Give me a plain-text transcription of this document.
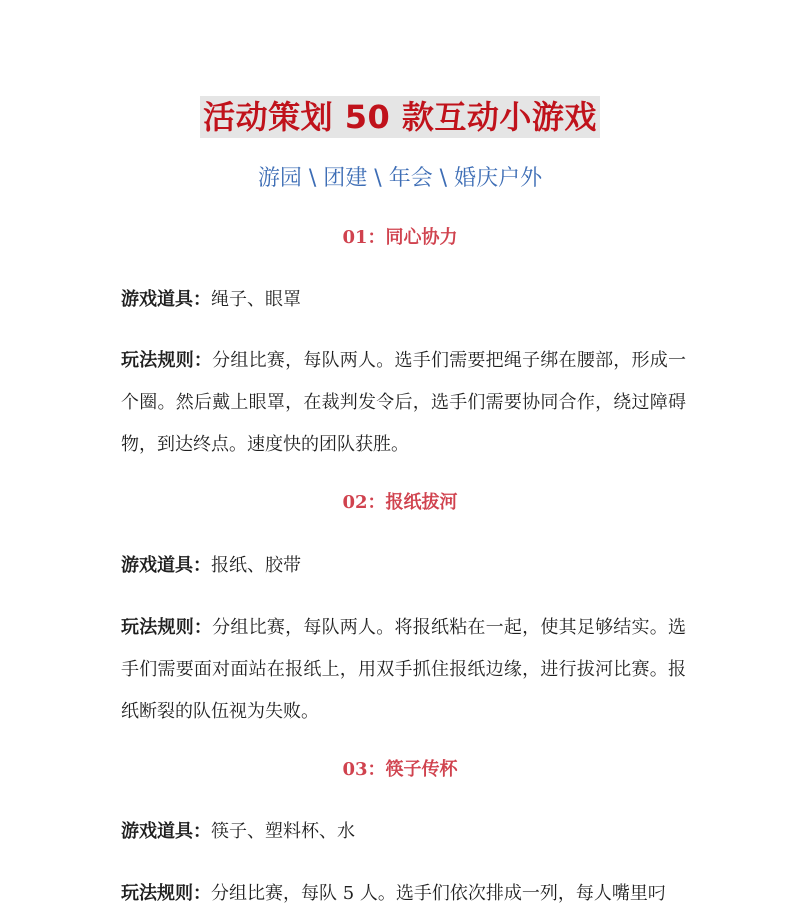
活动策划 50 款互动小游戏
游园 \ 团建 \ 年会 \ 婚庆户外
01：同心协力
游戏道具：绳子、眼罩
玩法规则：分组比赛，每队两人。选手们需要把绳子绑在腰部，形成一个圈。然后戴上眼罩，在裁判发令后，选手们需要协同合作，绕过障碍物，到达终点。速度快的团队获胜。
02：报纸拔河
游戏道具：报纸、胶带
玩法规则：分组比赛，每队两人。将报纸粘在一起，使其足够结实。选手们需要面对面站在报纸上，用双手抓住报纸边缘，进行拔河比赛。报纸断裂的队伍视为失败。
03：筷子传杯
游戏道具：筷子、塑料杯、水
玩法规则：分组比赛，每队 5 人。选手们依次排成一列，每人嘴里叼
